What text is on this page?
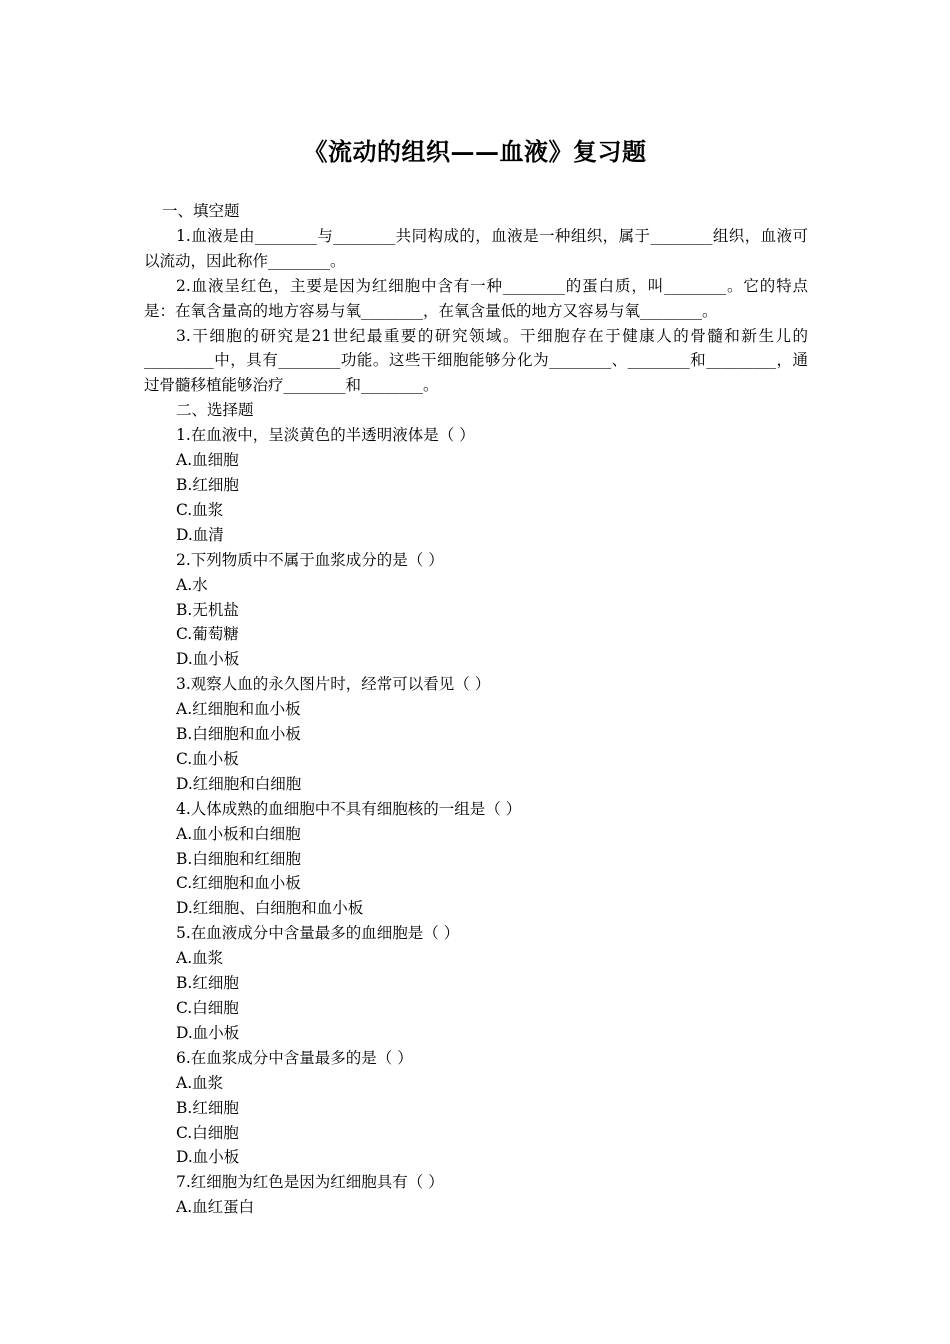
《流动的组织——血液》复习题

一、填空题

1.血液是由________与________共同构成的，血液是一种组织，属于________组织，血液可以流动，因此称作________。

2.血液呈红色，主要是因为红细胞中含有一种________的蛋白质，叫________。它的特点是：在氧含量高的地方容易与氧________，在氧含量低的地方又容易与氧________。

3.干细胞的研究是21世纪最重要的研究领域。干细胞存在于健康人的骨髓和新生儿的_________中，具有________功能。这些干细胞能够分化为________、________和_________，通过骨髓移植能够治疗________和________。

二、选择题

1.在血液中，呈淡黄色的半透明液体是（ ）

A.血细胞

B.红细胞

C.血浆

D.血清

2.下列物质中不属于血浆成分的是（ ）

A.水

B.无机盐

C.葡萄糖

D.血小板

3.观察人血的永久图片时，经常可以看见（ ）

A.红细胞和血小板

B.白细胞和血小板

C.血小板

D.红细胞和白细胞

4.人体成熟的血细胞中不具有细胞核的一组是（ ）

A.血小板和白细胞

B.白细胞和红细胞

C.红细胞和血小板

D.红细胞、白细胞和血小板

5.在血液成分中含量最多的血细胞是（ ）

A.血浆

B.红细胞

C.白细胞

D.血小板

6.在血浆成分中含量最多的是（ ）

A.血浆

B.红细胞

C.白细胞

D.血小板

7.红细胞为红色是因为红细胞具有（ ）

A.血红蛋白
